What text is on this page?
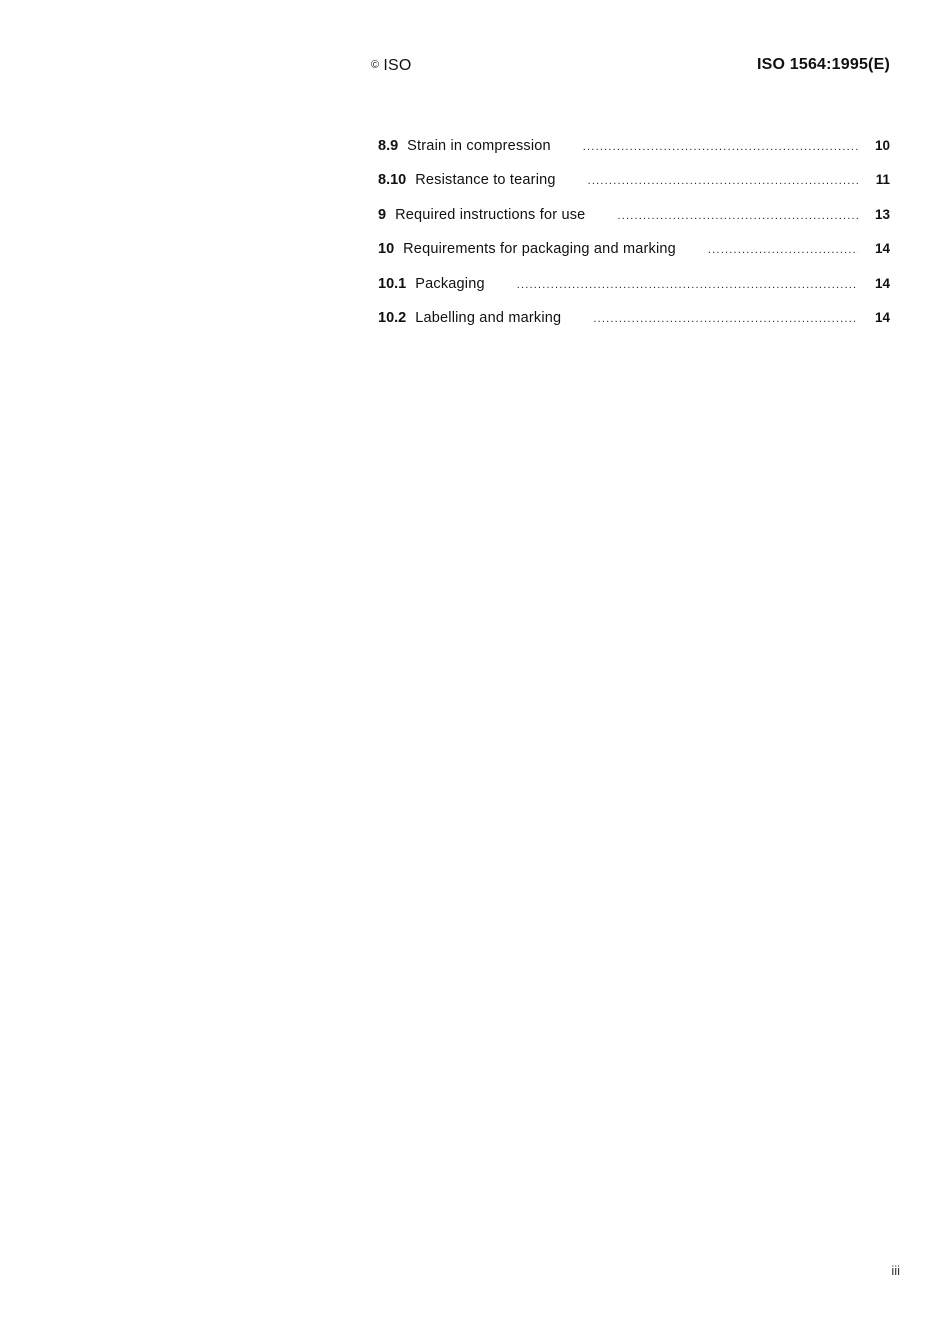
© ISO	ISO 1564:1995(E)
8.9 Strain in compression .....	10
8.10 Resistance to tearing .....	11
9 Required instructions for use .....	13
10 Requirements for packaging and marking .....	14
10.1 Packaging .....	14
10.2 Labelling and marking .....	14
iii
